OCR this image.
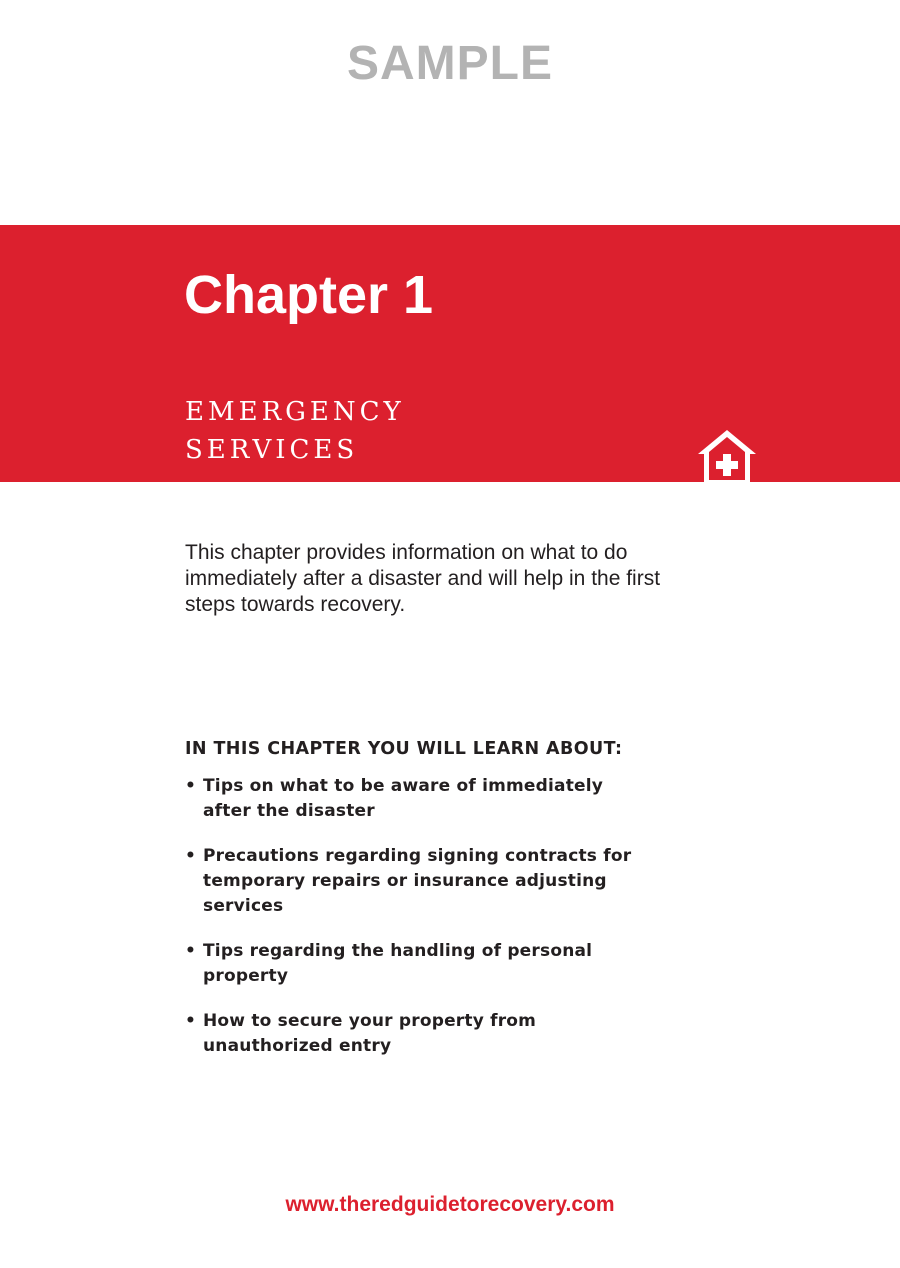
SAMPLE
Chapter 1
EMERGENCY
SERVICES

This chapter provides information on what to do immediately after a disaster and will help in the first steps towards recovery.

IN THIS CHAPTER YOU WILL LEARN ABOUT:
• Tips on what to be aware of immediately after the disaster
• Precautions regarding signing contracts for temporary repairs or insurance adjusting services
• Tips regarding the handling of personal property
• How to secure your property from unauthorized entry
www.theredguidetorecovery.com
